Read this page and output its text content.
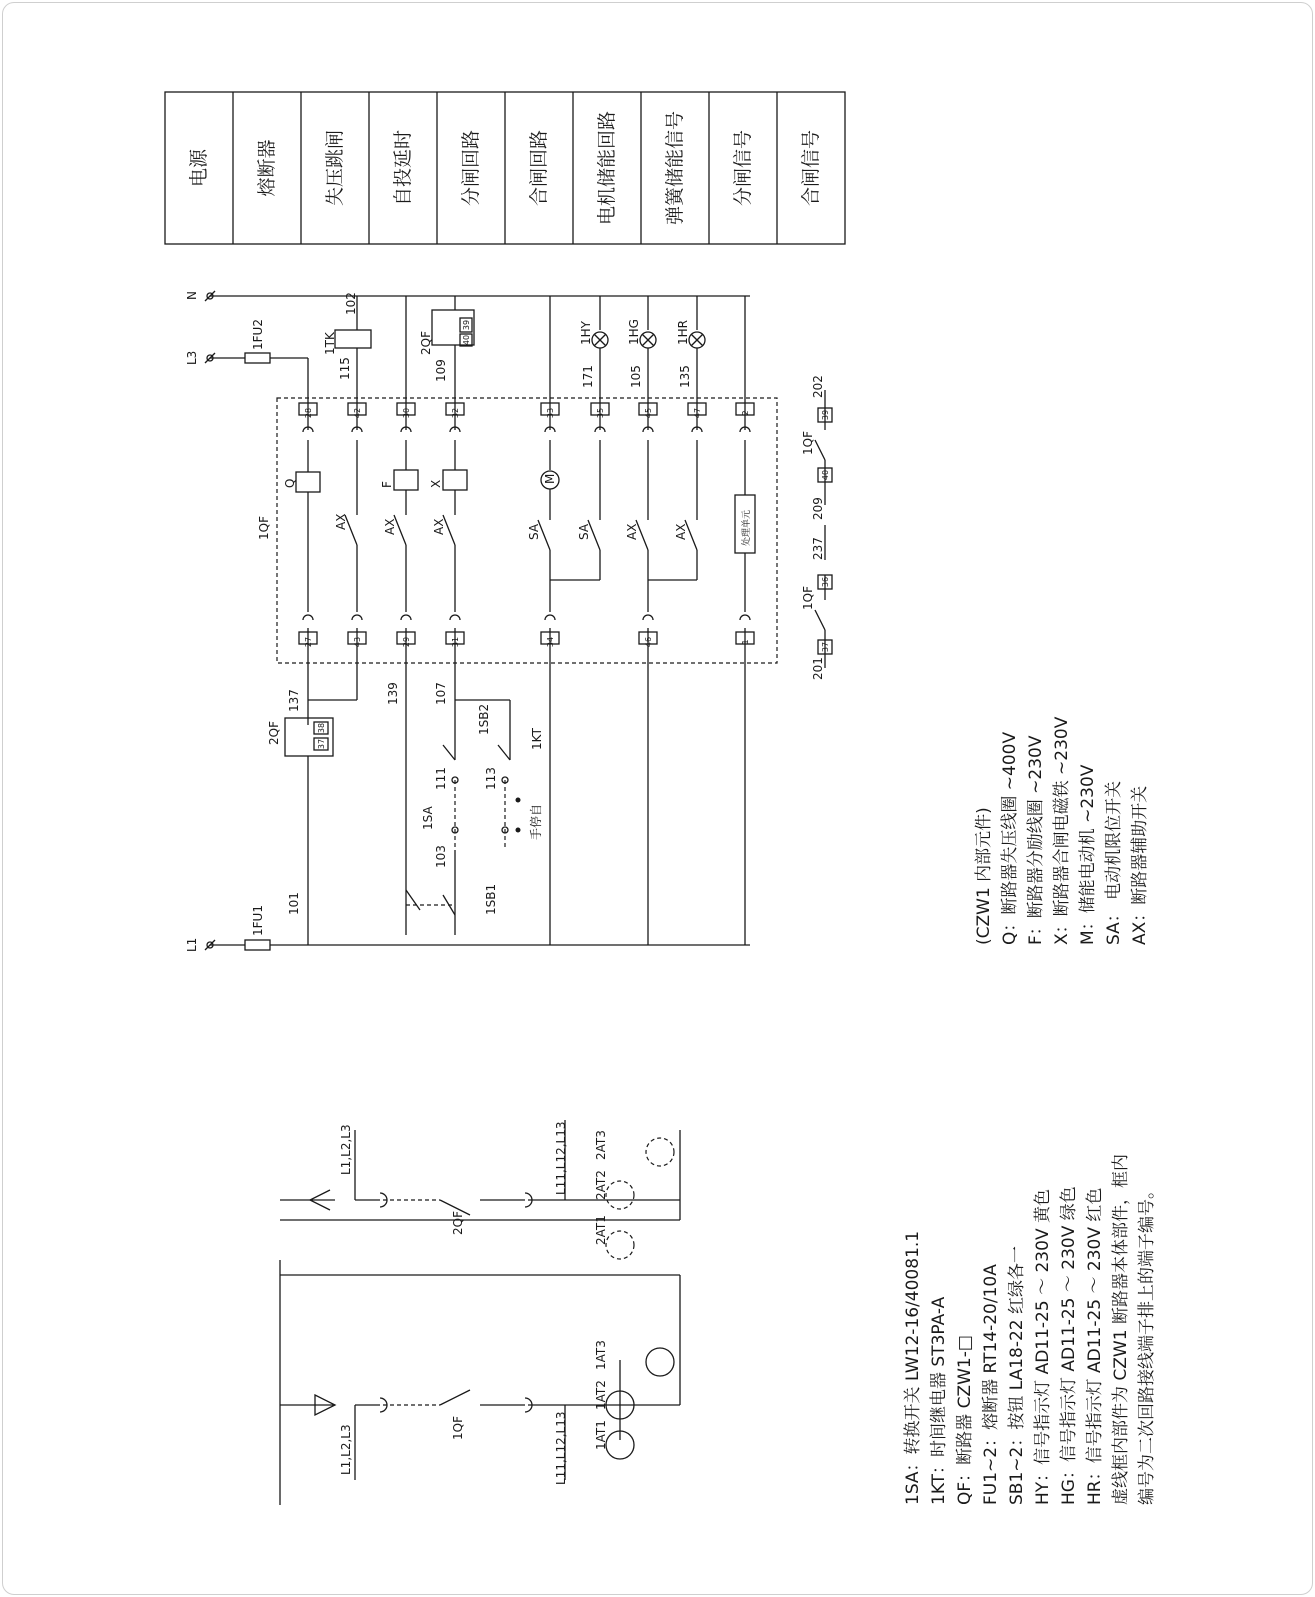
电源 熔断器 失压跳闸 自投延时 分闸回路 合闸回路 电机储能回路 弹簧储能信号 分闸信号 合闸信号
N
L3
L1
1FU2
1FU1
28	42	30	32	33	35	45	47	2
27	43	29	31	34	46	1
39
40
38
37
39
40
36
37
101
137	139	107
103
111	113
115
102
109	171	105	135
201
237
209
202
1TK	2QF
2QF
1QF
1QF
1QF
1SA
1SB1
1SB2
1KT
手停自
Q	F	X	M
SA	SA
AX	AX	AX	AX	AX
1HY	1HG	1HR
处理单元
L1,L2,L3	L11,L12,L13
1QF	1AT1
1AT2
1AT3
L1,L2,L3	L11,L12,L13
2QF	2AT1
2AT2
2AT3
(CZW1 内部元件) Q：断路器失压线圈 ~400V F：断路器分励线圈 ~230V X：断路器合闸电磁铁 ~230V M：储能电动机 ~230V SA： 电动机限位开关 AX：断路器辅助开关
1SA：转换开关 LW12-16/40081.1 1KT：时间继电器 ST3PA-A QF：断路器 CZW1-□ FU1~2：熔断器 RT14-20/10A SB1~2：按钮 LA18-22 红绿各一 HY：信号指示灯 AD11-25 ～ 230V 黄色 HG：信号指示灯 AD11-25 ～ 230V 绿色 HR：信号指示灯 AD11-25 ～ 230V 红色 虚线框内部件为 CZW1 断路器本体部件，框内 编号为二次回路接线端子排上的端子编号。
